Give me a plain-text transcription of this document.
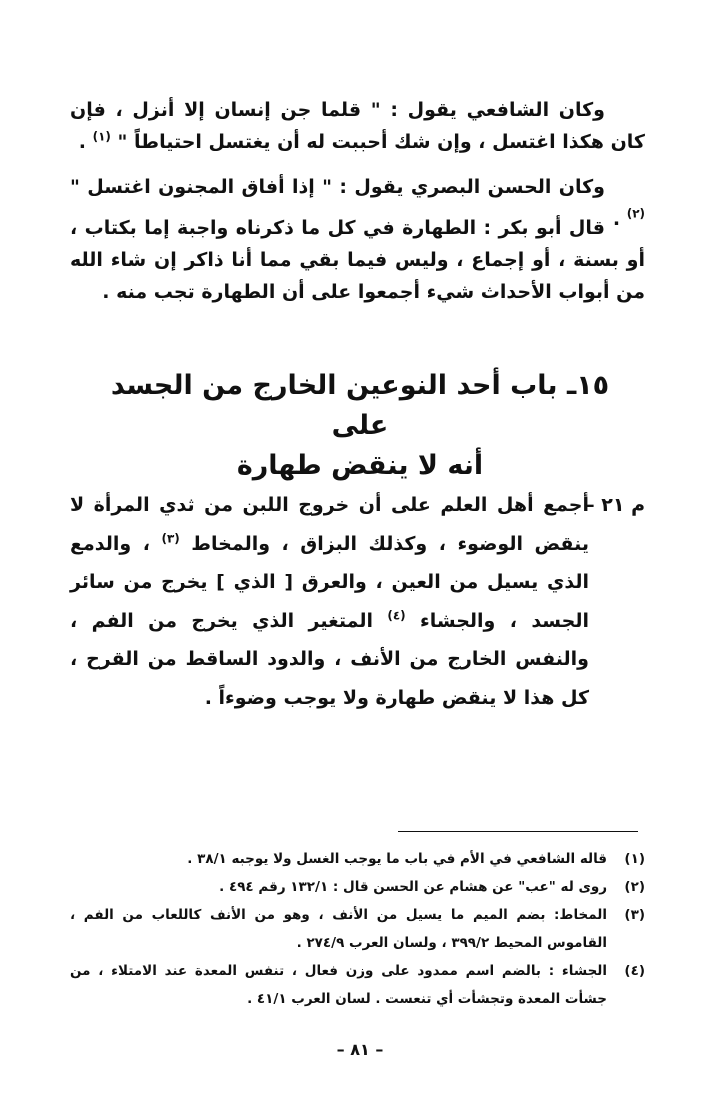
وكان الشافعي يقول : " قلما جن إنسان إلا أنزل ، فإن كان هكذا اغتسل ، وإن شك أحببت له أن يغتسل احتياطاً " $^{(١)}$ .

وكان الحسن البصري يقول : " إذا أفاق المجنون اغتسل " $^{(٢)}$ .

قال أبو بكر : الطهارة في كل ما ذكرناه واجبة إما بكتاب ، أو بسنة ، أو إجماع ، وليس فيما بقي مما أنا ذاكر إن شاء الله من أبواب الأحداث شيء أجمعوا على أن الطهارة تجب منه .

١٥ـ باب أحد النوعين الخارج من الجسد على
أنه لا ينقض طهارة

م ٢١ –
أجمع أهل العلم على أن خروج اللبن من ثدي المرأة لا ينقض الوضوء ، وكذلك البزاق ، والمخاط $^{(٣)}$ ، والدمع الذي يسيل من العين ، والعرق [ الذي ] يخرج من سائر الجسد ، والجشاء $^{(٤)}$ المتغير الذي يخرج من الفم ، والنفس الخارج من الأنف ، والدود الساقط من القرح ، كل هذا لا ينقض طهارة ولا يوجب وضوءاً .

(١)
قاله الشافعي في الأم في باب ما يوجب الغسل ولا يوجبه ٣٨/١ .
(٢)
روى له "عب" عن هشام عن الحسن قال : ١٣٢/١ رقم ٤٩٤ .
(٣)
المخاط: بضم الميم ما يسيل من الأنف ، وهو من الأنف كاللعاب من الفم ، القاموس المحيط ٣٩٩/٢ ، ولسان العرب ٢٧٤/٩ .
(٤)
الجشاء : بالضم اسم ممدود على وزن فعال ، تنفس المعدة عند الامتلاء ، من جشأت المعدة وتجشأت أي تنعست . لسان العرب ٤١/١ .
– ٨١ –
